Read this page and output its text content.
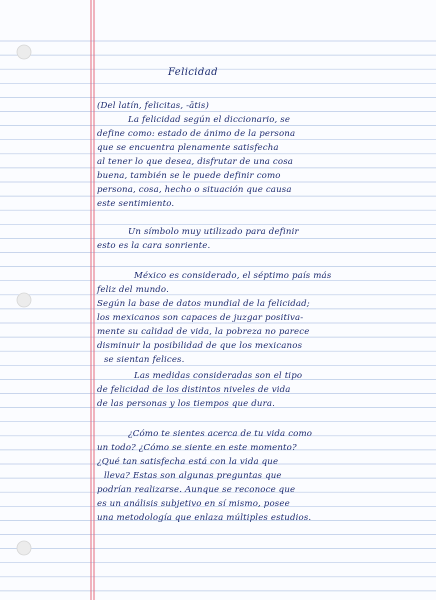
Felicidad
(Del latín, felicitas, -ātis)
La felicidad según el diccionario, se
define como: estado de ánimo de la persona
que se encuentra plenamente satisfecha
al tener lo que desea, disfrutar de una cosa
buena, también se le puede definir como
persona, cosa, hecho o situación que causa
este sentimiento.
Un símbolo muy utilizado para definir
esto es la cara sonriente.
México es considerado, el séptimo país más
feliz del mundo.
Según la base de datos mundial de la felicidad;
los mexicanos son capaces de juzgar positiva-
mente su calidad de vida, la pobreza no parece
disminuir la posibilidad de que los mexicanos
se sientan felices.
Las medidas consideradas son el tipo
de felicidad de los distintos niveles de vida
de las personas y los tiempos que dura.
¿Cómo te sientes acerca de tu vida como
un todo? ¿Cómo se siente en este momento?
¿Qué tan satisfecha está con la vida que
lleva? Estas son algunas preguntas que
podrían realizarse. Aunque se reconoce que
es un análisis subjetivo en sí mismo, posee
una metodología que enlaza múltiples estudios.
